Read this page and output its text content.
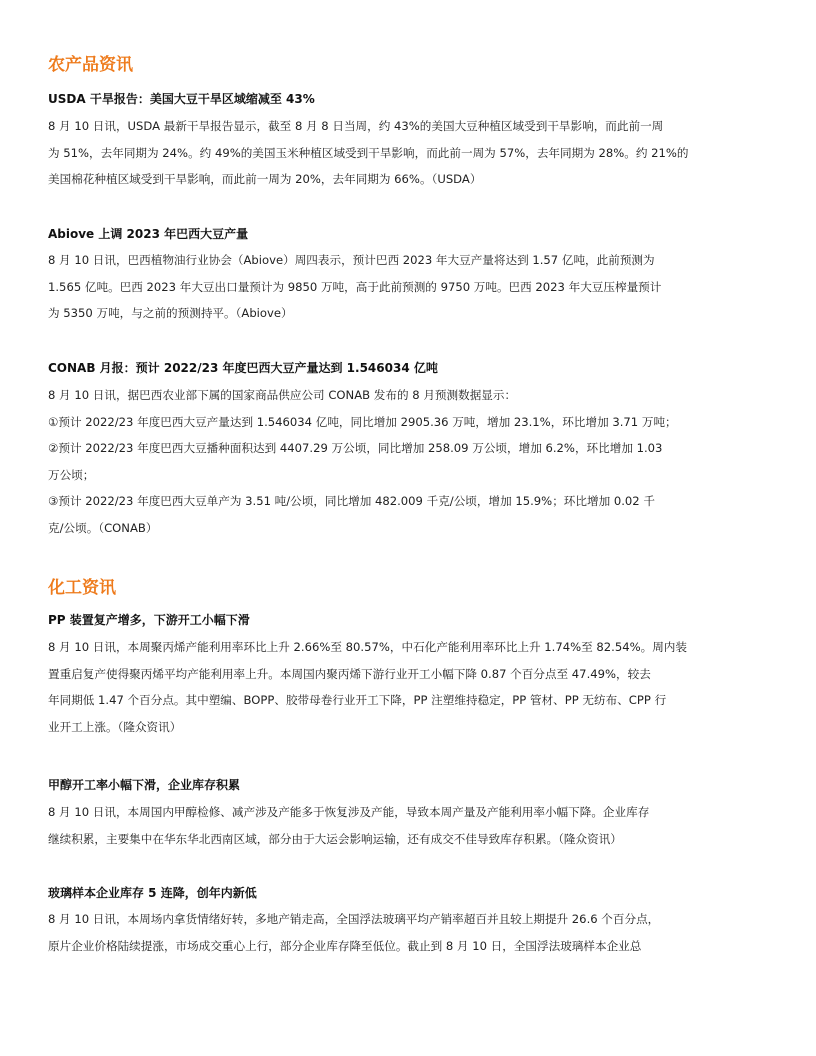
农产品资讯
USDA 干旱报告：美国大豆干旱区域缩减至 43%

8 月 10 日讯，USDA 最新干旱报告显示，截至 8 月 8 日当周，约 43%的美国大豆种植区域受到干旱影响，而此前一周
为 51%，去年同期为 24%。约 49%的美国玉米种植区域受到干旱影响，而此前一周为 57%，去年同期为 28%。约 21%的
美国棉花种植区域受到干旱影响，而此前一周为 20%，去年同期为 66%。（USDA）

Abiove 上调 2023 年巴西大豆产量

8 月 10 日讯，巴西植物油行业协会（Abiove）周四表示，预计巴西 2023 年大豆产量将达到 1.57 亿吨，此前预测为
1.565 亿吨。巴西 2023 年大豆出口量预计为 9850 万吨，高于此前预测的 9750 万吨。巴西 2023 年大豆压榨量预计
为 5350 万吨，与之前的预测持平。（Abiove）

CONAB 月报：预计 2022/23 年度巴西大豆产量达到 1.546034 亿吨

8 月 10 日讯，据巴西农业部下属的国家商品供应公司 CONAB 发布的 8 月预测数据显示：
①预计 2022/23 年度巴西大豆产量达到 1.546034 亿吨，同比增加 2905.36 万吨，增加 23.1%，环比增加 3.71 万吨；
②预计 2022/23 年度巴西大豆播种面积达到 4407.29 万公顷，同比增加 258.09 万公顷，增加 6.2%，环比增加 1.03
万公顷；
③预计 2022/23 年度巴西大豆单产为 3.51 吨/公顷，同比增加 482.009 千克/公顷，增加 15.9%；环比增加 0.02 千
克/公顷。（CONAB）

化工资讯
PP 装置复产增多，下游开工小幅下滑

8 月 10 日讯，本周聚丙烯产能利用率环比上升 2.66%至 80.57%，中石化产能利用率环比上升 1.74%至 82.54%。周内装
置重启复产使得聚丙烯平均产能利用率上升。本周国内聚丙烯下游行业开工小幅下降 0.87 个百分点至 47.49%，较去
年同期低 1.47 个百分点。其中塑编、BOPP、胶带母卷行业开工下降，PP 注塑维持稳定，PP 管材、PP 无纺布、CPP 行
业开工上涨。（隆众资讯）

甲醇开工率小幅下滑，企业库存积累

8 月 10 日讯，本周国内甲醇检修、减产涉及产能多于恢复涉及产能，导致本周产量及产能利用率小幅下降。企业库存
继续积累，主要集中在华东华北西南区域，部分由于大运会影响运输，还有成交不佳导致库存积累。（隆众资讯）

玻璃样本企业库存 5 连降，创年内新低

8 月 10 日讯，本周场内拿货情绪好转，多地产销走高，全国浮法玻璃平均产销率超百并且较上期提升 26.6 个百分点，
原片企业价格陆续提涨，市场成交重心上行，部分企业库存降至低位。截止到 8 月 10 日，全国浮法玻璃样本企业总
